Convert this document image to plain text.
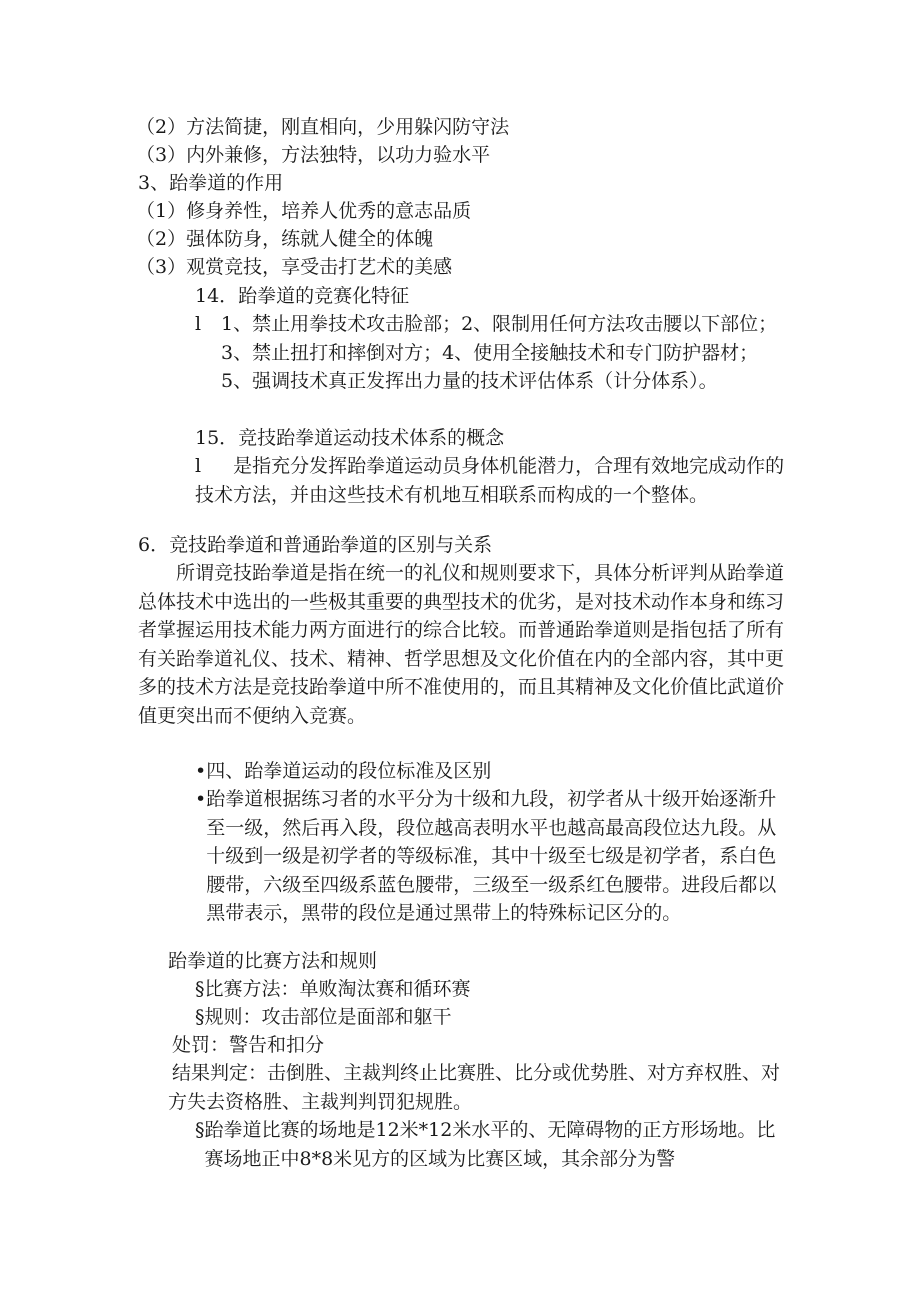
（2）方法简捷，刚直相向，少用躲闪防守法
（3）内外兼修，方法独特，以功力验水平
3、跆拳道的作用
（1）修身养性，培养人优秀的意志品质
（2）强体防身，练就人健全的体魄
（3）观赏竞技，享受击打艺术的美感
14．跆拳道的竞赛化特征
l	1、禁止用拳技术攻击脸部；2、限制用任何方法攻击腰以下部位；3、禁止扭打和摔倒对方；4、使用全接触技术和专门防护器材；5、强调技术真正发挥出力量的技术评估体系（计分体系）。
15．竞技跆拳道运动技术体系的概念
l 是指充分发挥跆拳道运动员身体机能潜力，合理有效地完成动作的技术方法，并由这些技术有机地互相联系而构成的一个整体。
6．竞技跆拳道和普通跆拳道的区别与关系
所谓竞技跆拳道是指在统一的礼仪和规则要求下，具体分析评判从跆拳道总体技术中选出的一些极其重要的典型技术的优劣，是对技术动作本身和练习者掌握运用技术能力两方面进行的综合比较。而普通跆拳道则是指包括了所有有关跆拳道礼仪、技术、精神、哲学思想及文化价值在内的全部内容，其中更多的技术方法是竞技跆拳道中所不准使用的，而且其精神及文化价值比武道价值更突出而不便纳入竞赛。
•四、跆拳道运动的段位标准及区别
• 跆拳道根据练习者的水平分为十级和九段，初学者从十级开始逐渐升至一级，然后再入段，段位越高表明水平也越高最高段位达九段。从十级到一级是初学者的等级标准，其中十级至七级是初学者，系白色腰带，六级至四级系蓝色腰带，三级至一级系红色腰带。进段后都以黑带表示，黑带的段位是通过黑带上的特殊标记区分的。
跆拳道的比赛方法和规则
§比赛方法：单败淘汰赛和循环赛
§规则：攻击部位是面部和躯干
处罚：警告和扣分
结果判定：击倒胜、主裁判终止比赛胜、比分或优势胜、对方弃权胜、对方失去资格胜、主裁判判罚犯规胜。
§ 跆拳道比赛的场地是12米*12米水平的、无障碍物的正方形场地。比赛场地正中8*8米见方的区域为比赛区域，其余部分为警
